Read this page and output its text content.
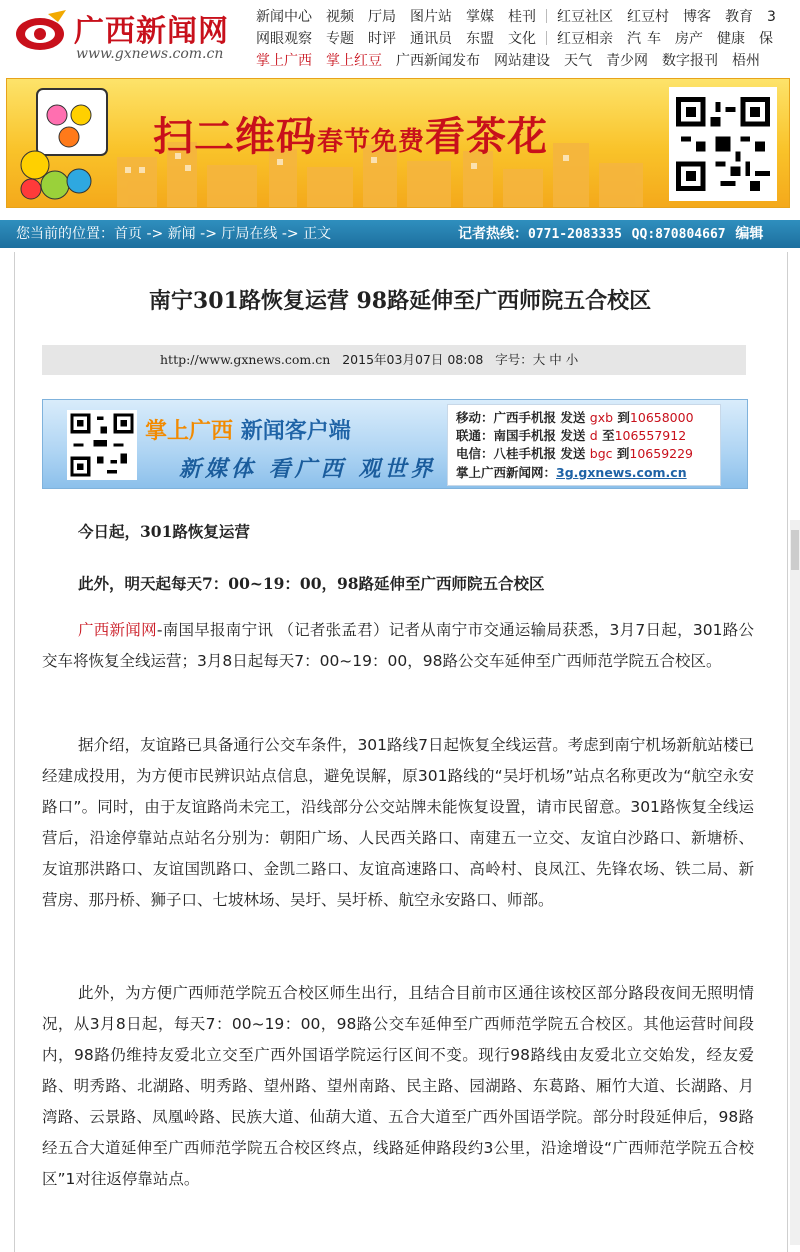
广西新闻网
www.gxnews.com.cn
新闻中心 视频 厅局 图片站 掌媒 桂刊 红豆社区 红豆村 博客 教育 3
网眼观察 专题 时评 通讯员 东盟 文化 红豆相亲 汽 车 房产 健康 保
掌上广西 掌上红豆 广西新闻发布 网站建设 天气 青少网 数字报刊 梧州
扫二维码春节免费看茶花
您当前的位置：首页 -> 新闻 -> 厅局在线 -> 正文	记者热线：0771-2083335 QQ:870804667 编辑
南宁301路恢复运营 98路延伸至广西师院五合校区
http://www.gxnews.com.cn 2015年03月07日 08:08 字号：大 中 小
掌上广西 新闻客户端
新媒体 看广西 观世界
移动：广西手机报 发送 gxb 到10658000
联通：南国手机报 发送 d 至106557912
电信：八桂手机报 发送 bgc 到10659229
掌上广西新闻网：3g.gxnews.com.cn
今日起，301路恢复运营
此外，明天起每天7：00~19：00，98路延伸至广西师院五合校区
广西新闻网-南国早报南宁讯 （记者张孟君）记者从南宁市交通运输局获悉，3月7日起，301路公交车将恢复全线运营；3月8日起每天7：00~19：00，98路公交车延伸至广西师范学院五合校区。
据介绍，友谊路已具备通行公交车条件，301路线7日起恢复全线运营。考虑到南宁机场新航站楼已经建成投用，为方便市民辨识站点信息，避免误解，原301路线的“吴圩机场”站点名称更改为“航空永安路口”。同时，由于友谊路尚未完工，沿线部分公交站牌未能恢复设置，请市民留意。301路恢复全线运营后，沿途停靠站点站名分别为：朝阳广场、人民西关路口、南建五一立交、友谊白沙路口、新塘桥、友谊那洪路口、友谊国凯路口、金凯二路口、友谊高速路口、高岭村、良凤江、先锋农场、铁二局、新营房、那丹桥、狮子口、七坡林场、吴圩、吴圩桥、航空永安路口、师部。
此外，为方便广西师范学院五合校区师生出行，且结合目前市区通往该校区部分路段夜间无照明情况，从3月8日起，每天7：00~19：00，98路公交车延伸至广西师范学院五合校区。其他运营时间段内，98路仍维持友爱北立交至广西外国语学院运行区间不变。现行98路线由友爱北立交始发，经友爱路、明秀路、北湖路、明秀路、望州路、望州南路、民主路、园湖路、东葛路、厢竹大道、长湖路、月湾路、云景路、凤凰岭路、民族大道、仙葫大道、五合大道至广西外国语学院。部分时段延伸后，98路经五合大道延伸至广西师范学院五合校区终点，线路延伸路段约3公里，沿途增设“广西师范学院五合校区”1对往返停靠站点。
